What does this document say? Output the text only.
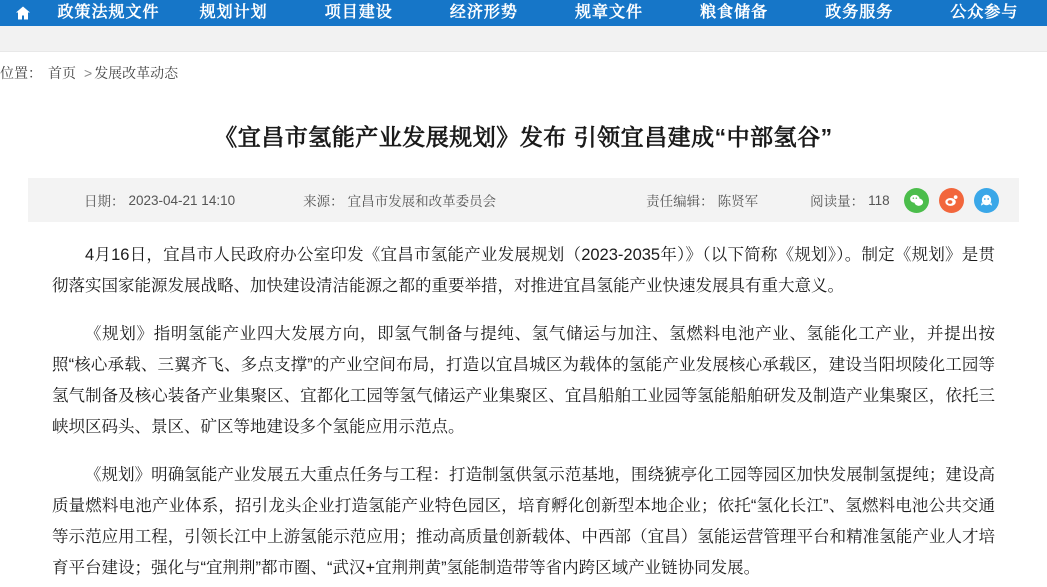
政策法规文件	规划计划	项目建设	经济形势	规章文件	粮食储备	政务服务	公众参与
位置： 首页 > 发展改革动态
《宜昌市氢能产业发展规划》发布 引领宜昌建成“中部氢谷”
日期： 2023-04-21 14:10	来源： 宜昌市发展和改革委员会	责任编辑： 陈贤军	阅读量： 118

4月16日，宜昌市人民政府办公室印发《宜昌市氢能产业发展规划（2023-2035年）》（以下简称《规划》）。制定《规划》是贯彻落实国家能源发展战略、加快建设清洁能源之都的重要举措，对推进宜昌氢能产业快速发展具有重大意义。

《规划》指明氢能产业四大发展方向，即氢气制备与提纯、氢气储运与加注、氢燃料电池产业、氢能化工产业，并提出按照“核心承载、三翼齐飞、多点支撑”的产业空间布局，打造以宜昌城区为载体的氢能产业发展核心承载区，建设当阳坝陵化工园等氢气制备及核心装备产业集聚区、宜都化工园等氢气储运产业集聚区、宜昌船舶工业园等氢能船舶研发及制造产业集聚区，依托三峡坝区码头、景区、矿区等地建设多个氢能应用示范点。

《规划》明确氢能产业发展五大重点任务与工程：打造制氢供氢示范基地，围绕猇亭化工园等园区加快发展制氢提纯；建设高质量燃料电池产业体系，招引龙头企业打造氢能产业特色园区，培育孵化创新型本地企业；依托“氢化长江”、氢燃料电池公共交通等示范应用工程，引领长江中上游氢能示范应用；推动高质量创新载体、中西部（宜昌）氢能运营管理平台和精准氢能产业人才培育平台建设；强化与“宜荆荆”都市圈、“武汉+宜荆荆黄”氢能制造带等省内跨区域产业链协同发展。
